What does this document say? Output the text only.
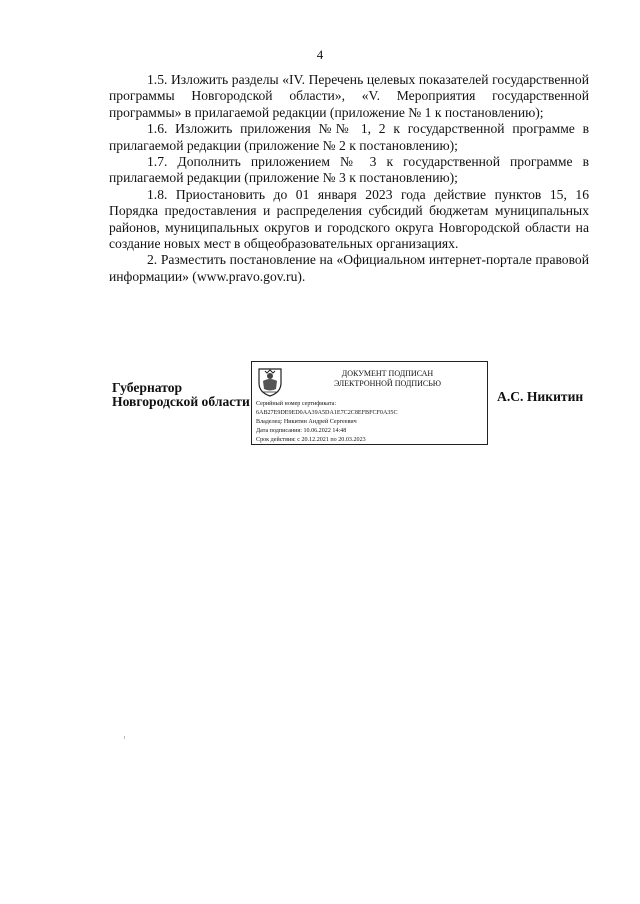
4

1.5. Изложить разделы «IV. Перечень целевых показателей государственной программы Новгородской области», «V. Мероприятия государственной программы» в прилагаемой редакции (приложение № 1 к постановлению);

1.6. Изложить приложения №№ 1, 2 к государственной программе в прилагаемой редакции (приложение № 2 к постановлению);

1.7. Дополнить приложением № 3 к государственной программе в прилагаемой редакции (приложение № 3 к постановлению);

1.8. Приостановить до 01 января 2023 года действие пунктов 15, 16 Порядка предоставления и распределения субсидий бюджетам муниципальных районов, муниципальных округов и городского округа Новгородской области на создание новых мест в общеобразовательных организациях.

2. Разместить постановление на «Официальном интернет-портале правовой информации» (www.pravo.gov.ru).

Губернатор
Новгородской области
ДОКУМЕНТ ПОДПИСАН
ЭЛЕКТРОННОЙ ПОДПИСЬЮ
Серийный номер сертификата:
6AB27E9DE9ED0AA39A5DA1E7C2C8EFBFCF0A35C
Владелец: Никитин Андрей Сергеевич
Дата подписания: 10.06.2022 14:48
Срок действия: с 20.12.2021 по 20.03.2023
А.С. Никитин
